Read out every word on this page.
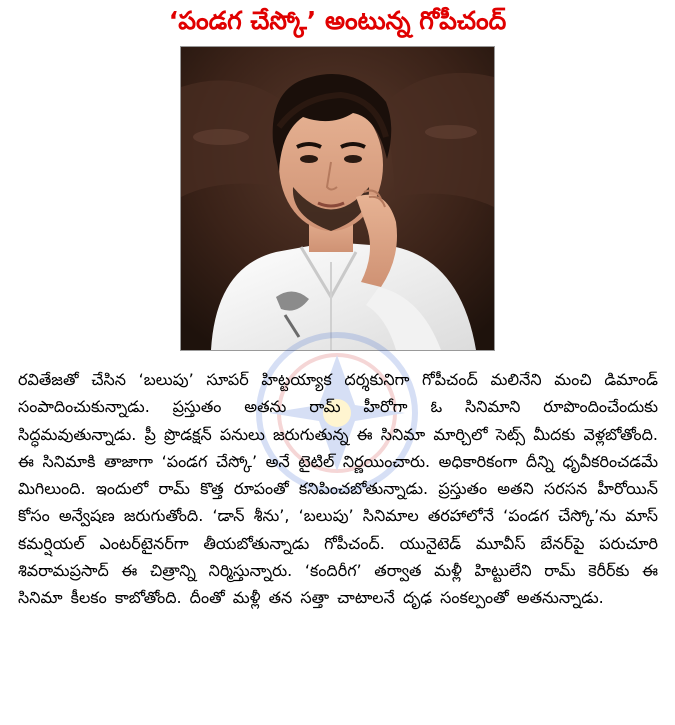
‘పండగ చేస్కో’ అంటున్న గోపీచంద్
రవితేజతో చేసిన ‘బలుపు’ సూపర్ హిట్టయ్యాక దర్శకునిగా గోపీచంద్ మలినేని మంచి డిమాండ్ సంపాదించుకున్నాడు. ప్రస్తుతం అతను రామ్ హీరోగా ఓ సినిమాని రూపొందించేందుకు సిద్ధమవుతున్నాడు. ప్రీ ప్రొడక్షన్ పనులు జరుగుతున్న ఈ సినిమా మార్చిలో సెట్స్ మీదకు వెళ్లబోతోంది. ఈ సినిమాకి తాజాగా ‘పండగ చేస్కో’ అనే టైటిల్ నిర్ణయించారు. అధికారికంగా దీన్ని ధృవీకరించడమే మిగిలుంది. ఇందులో రామ్ కొత్త రూపంతో కనిపించబోతున్నాడు. ప్రస్తుతం అతని సరసన హీరోయిన్ కోసం అన్వేషణ జరుగుతోంది. ‘డాన్ శీను’, ‘బలుపు’ సినిమాల తరహాలోనే ‘పండగ చేస్కో’ను మాస్ కమర్షియల్ ఎంటర్‌టైనర్‌గా తీయబోతున్నాడు గోపీచంద్. యునైటెడ్ మూవీస్ బేనర్‌పై పరుచూరి శివరామప్రసాద్ ఈ చిత్రాన్ని నిర్మిస్తున్నారు. ‘కందిరీగ’ తర్వాత మళ్లీ హిట్టులేని రామ్ కెరీర్‌కు ఈ సినిమా కీలకం కాబోతోంది. దీంతో మళ్లీ తన సత్తా చాటాలనే దృఢ సంకల్పంతో అతనున్నాడు.
